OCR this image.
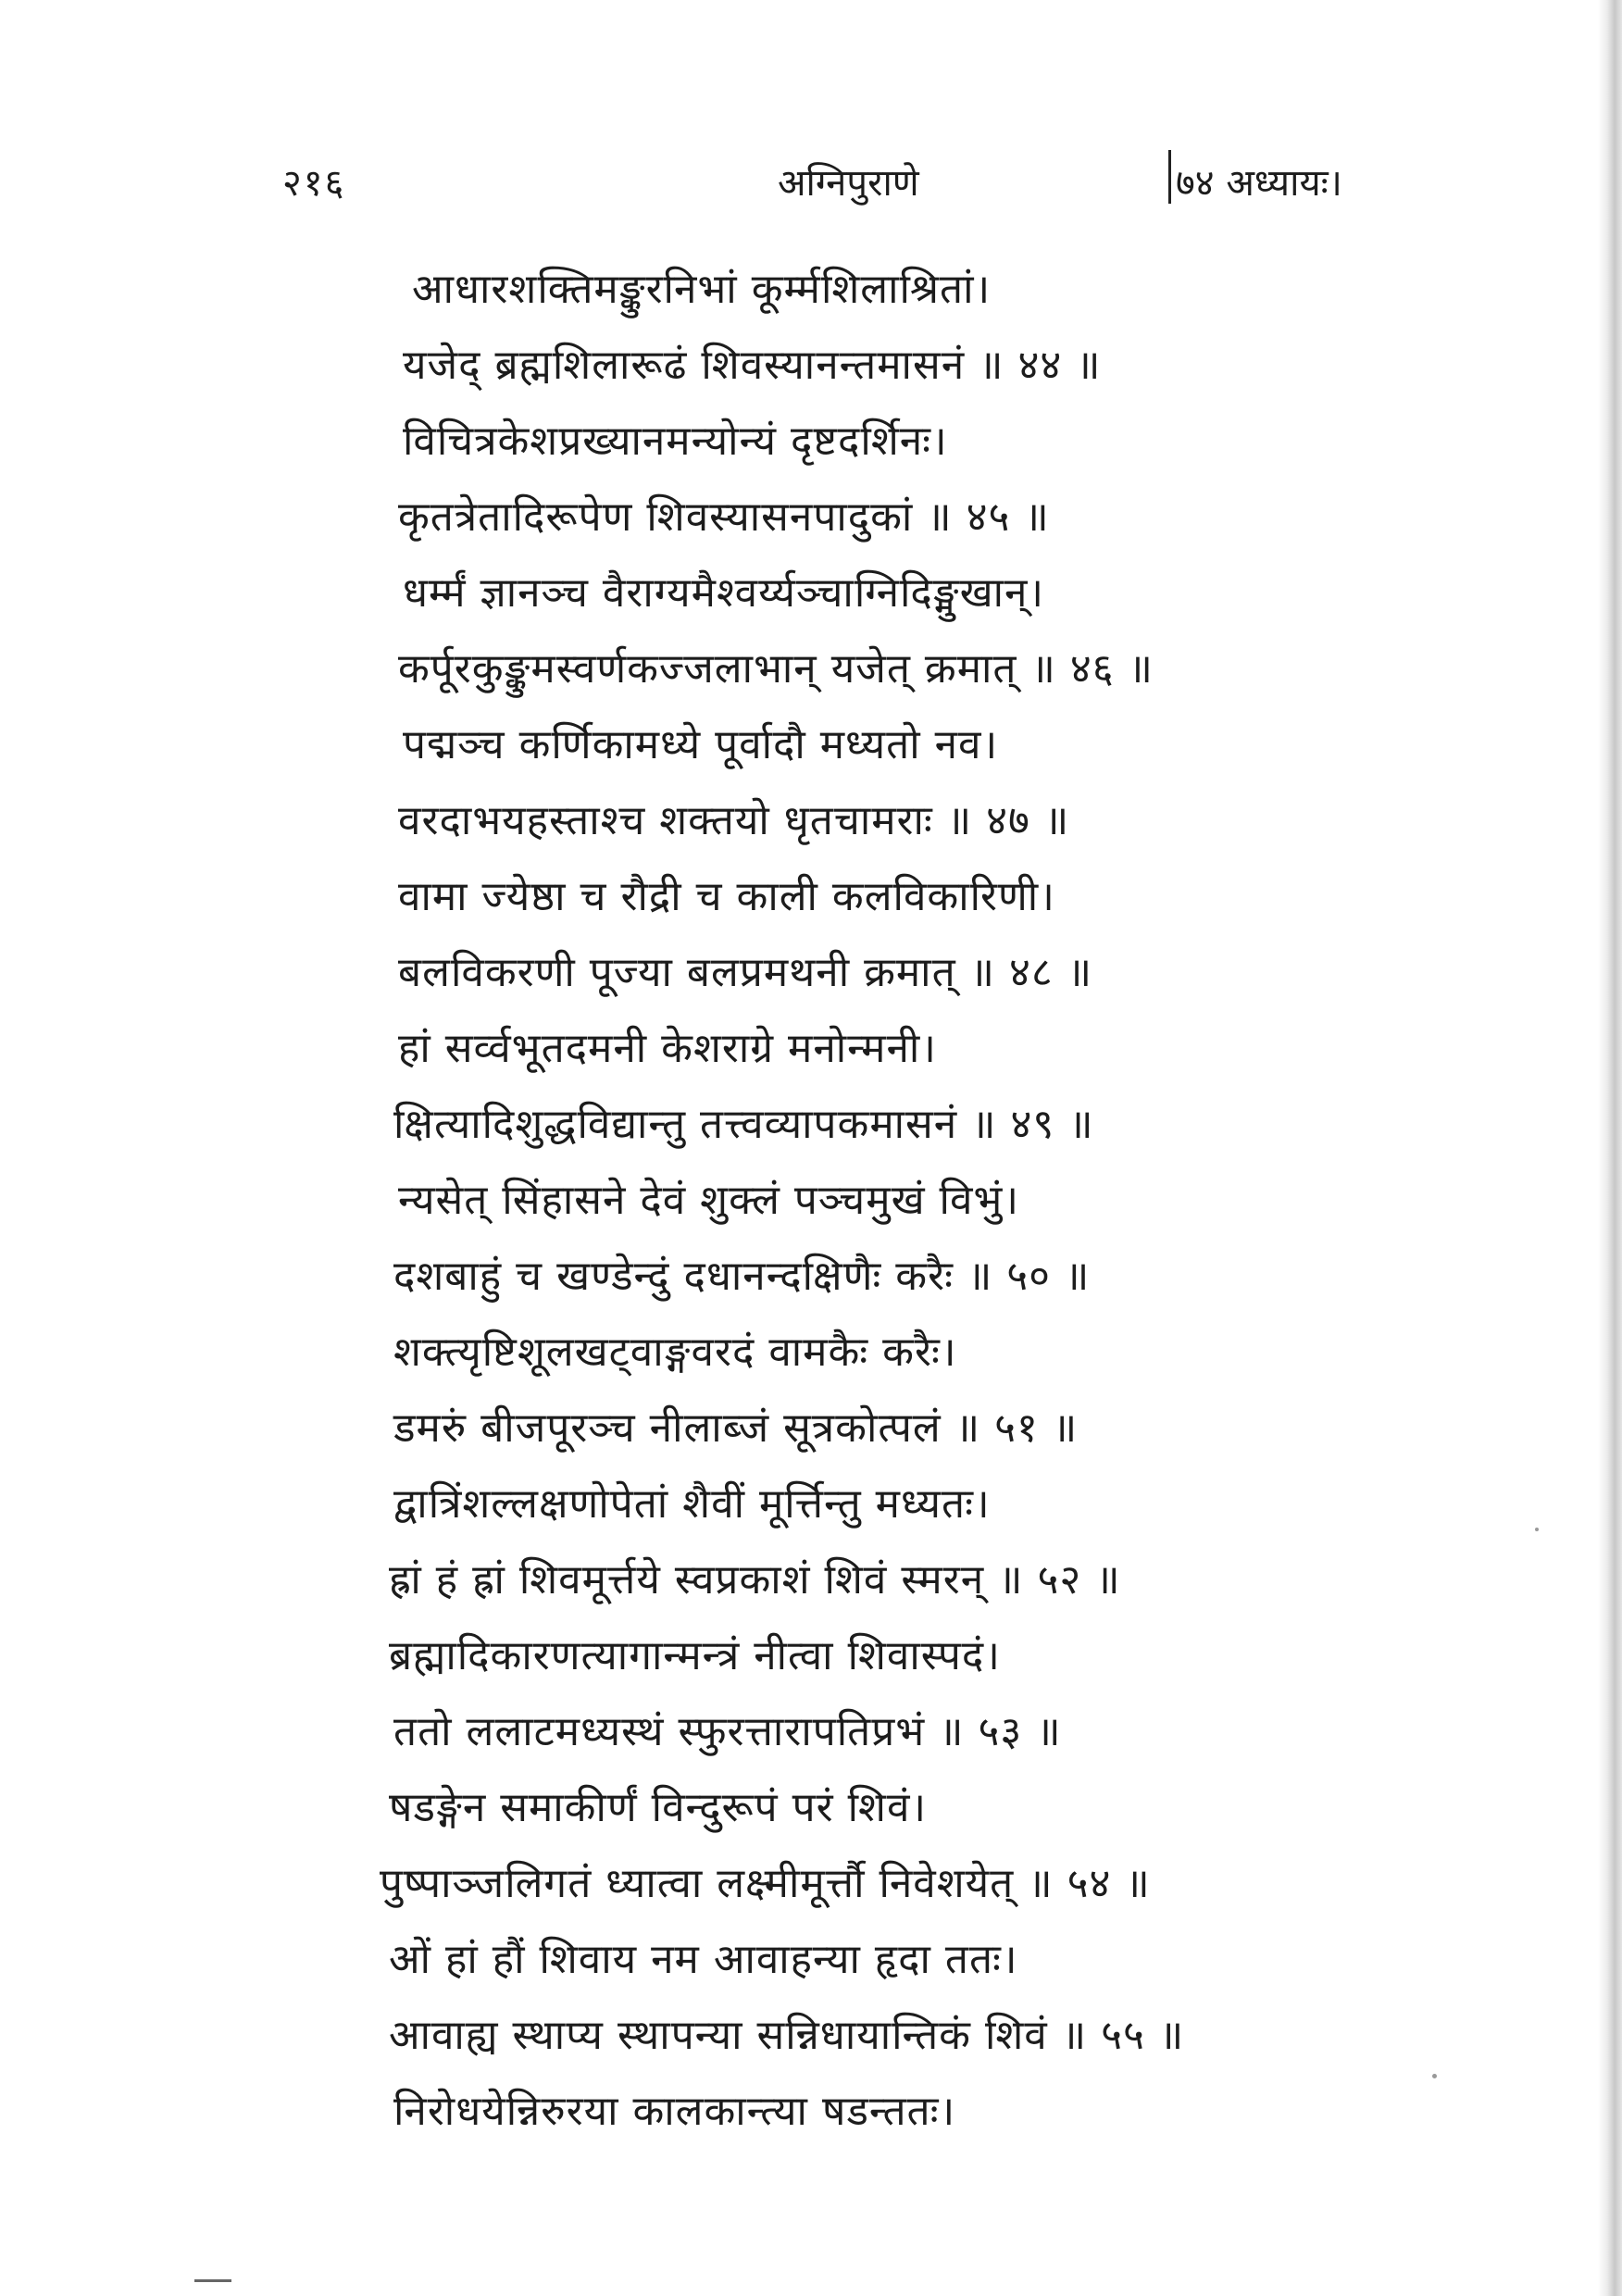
२१६	अग्निपुराणे	७४ अध्यायः।
आधारशक्तिमङ्कुरनिभां कूर्म्मशिलाश्रितां।
यजेद् ब्रह्मशिलारूढं शिवस्यानन्तमासनं ॥ ४४ ॥
विचित्रकेशप्रख्यानमन्योन्यं दृष्टदर्शिनः।
कृतत्रेतादिरूपेण शिवस्यासनपादुकां ॥ ४५ ॥
धर्म्मं ज्ञानञ्च वैराग्यमैश्वर्य्यञ्चाग्निदिङ्मुखान्।
कर्पूरकुङ्कुमस्वर्णकज्जलाभान् यजेत् क्रमात् ॥ ४६ ॥
पद्मञ्च कर्णिकामध्ये पूर्वादौ मध्यतो नव।
वरदाभयहस्ताश्च शक्तयो धृतचामराः ॥ ४७ ॥
वामा ज्येष्ठा च रौद्री च काली कलविकारिणी।
बलविकरणी पूज्या बलप्रमथनी क्रमात् ॥ ४८ ॥
हां सर्व्वभूतदमनी केशराग्रे मनोन्मनी।
क्षित्यादिशुद्धविद्यान्तु तत्त्वव्यापकमासनं ॥ ४९ ॥
न्यसेत् सिंहासने देवं शुक्लं पञ्चमुखं विभुं।
दशबाहुं च खण्डेन्दुं दधानन्दक्षिणैः करैः ॥ ५० ॥
शक्त्यृष्टिशूलखट्वाङ्गवरदं वामकैः करैः।
डमरुं बीजपूरञ्च नीलाब्जं सूत्रकोत्पलं ॥ ५१ ॥
द्वात्रिंशल्लक्षणोपेतां शैवीं मूर्त्तिन्तु मध्यतः।
ह्रां हं ह्रां शिवमूर्त्तये स्वप्रकाशं शिवं स्मरन् ॥ ५२ ॥
ब्रह्मादिकारणत्यागान्मन्त्रं नीत्वा शिवास्पदं।
ततो ललाटमध्यस्थं स्फुरत्तारापतिप्रभं ॥ ५३ ॥
षडङ्गेन समाकीर्णं विन्दुरूपं परं शिवं।
पुष्पाञ्जलिगतं ध्यात्वा लक्ष्मीमूर्त्तौ निवेशयेत् ॥ ५४ ॥
ओं हां हौं शिवाय नम आवाहन्या हृदा ततः।
आवाह्य स्थाप्य स्थापन्या सन्निधायान्तिकं शिवं ॥ ५५ ॥
निरोधयेन्निरुरया कालकान्त्या षडन्ततः।
